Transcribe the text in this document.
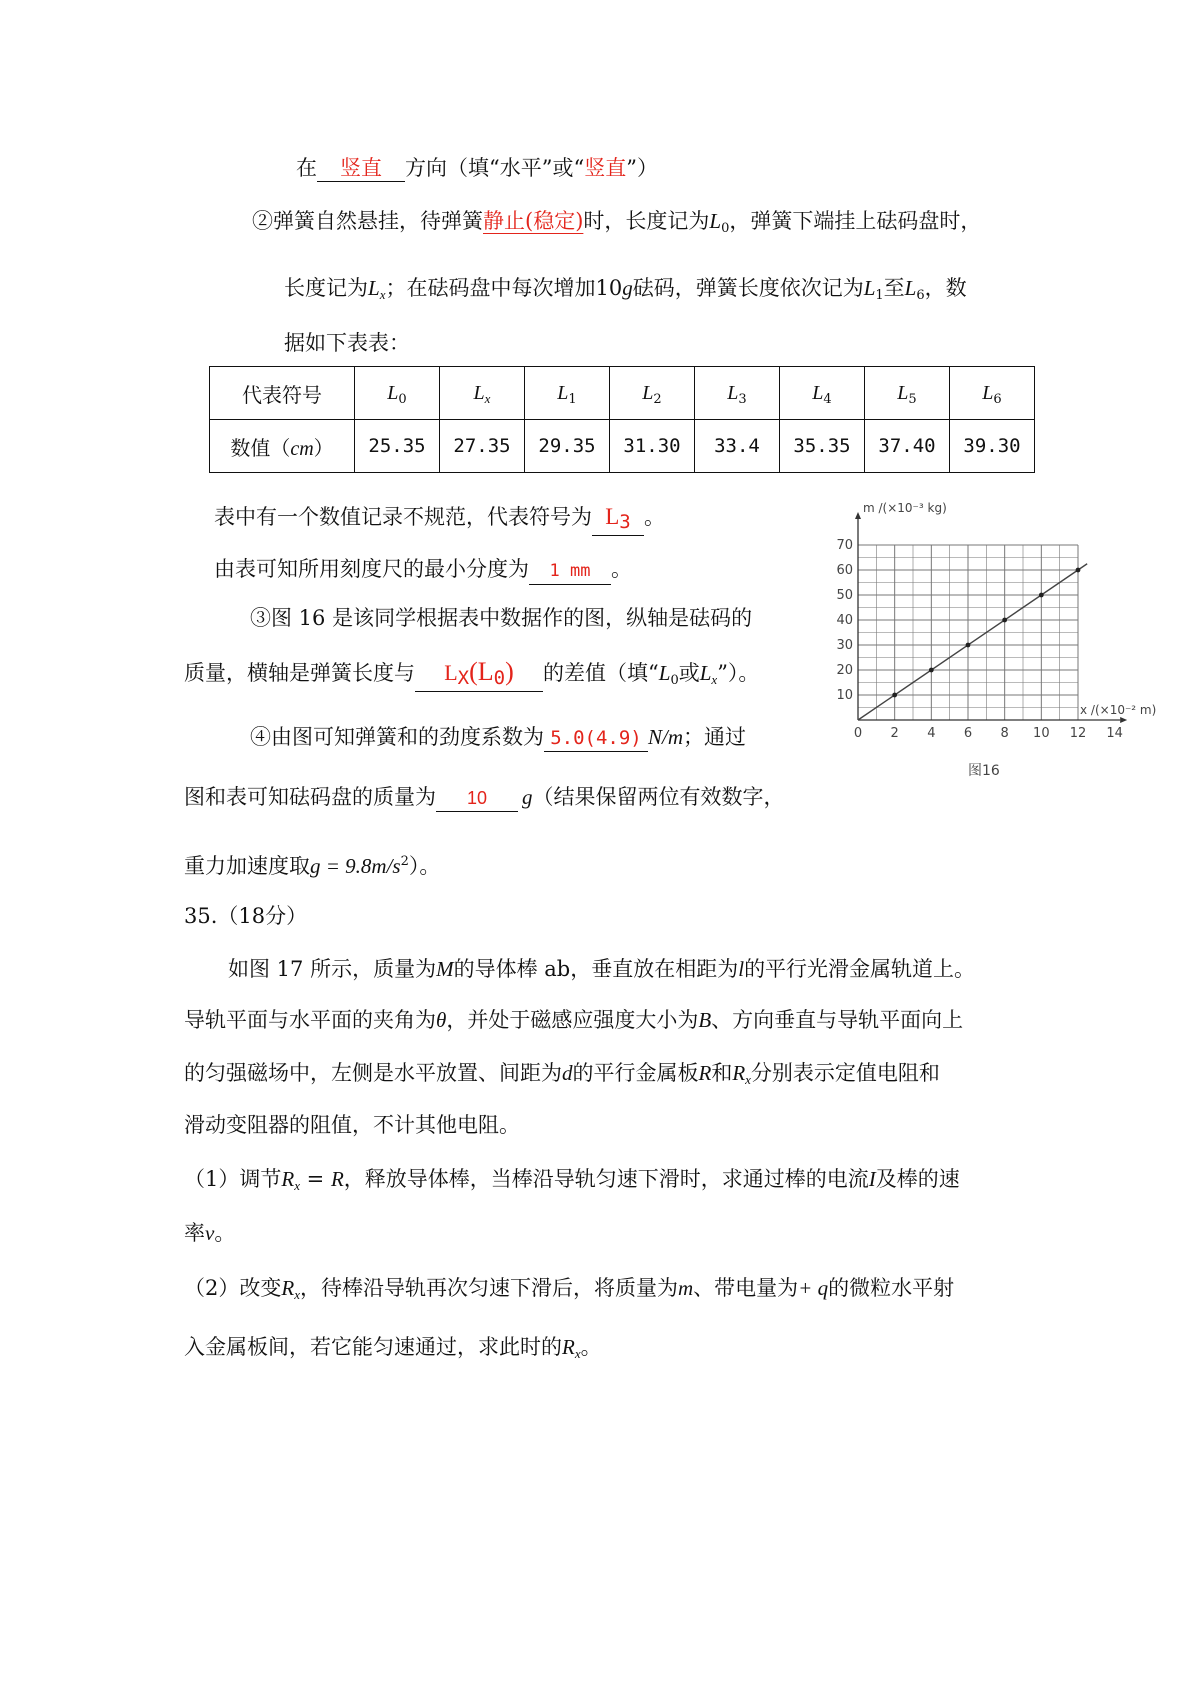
在 竖直 方向（填“水平”或“竖直”）
②弹簧自然悬挂，待弹簧静止(稳定)时，长度记为$L_0$，弹簧下端挂上砝码盘时，
长度记为$L_x$；在砝码盘中每次增加10g砝码，弹簧长度依次记为$L_1$至$L_6$，数
据如下表表：
代表符号	$L_0$	$L_x$	$L_1$	$L_2$	$L_3$	$L_4$	$L_5$	$L_6$
数值（cm）	25.35	27.35	29.35	31.30	33.4	35.35	37.40	39.30
表中有一个数值记录不规范，代表符号为 $L_3$ 。
由表可知所用刻度尺的最小分度为 1 mm 。
③图 16 是该同学根据表中数据作的图，纵轴是砝码的
质量，横轴是弹簧长度与 $L_X(L_0)$ 的差值（填“$L_0$或$L_x$”）。
④由图可知弹簧和的劲度系数为 5.0(4.9) N/m；通过
图和表可知砝码盘的质量为 10 g（结果保留两位有效数字，
重力加速度取$g = 9.8m/s^2$）。
0 2 4 6 8 10 12 14
10
20
30
40
50
60
70
m /(×10⁻³ kg)
x /(×10⁻² m)
图16
35.（18分）
如图 17 所示，质量为M的导体棒 ab，垂直放在相距为l的平行光滑金属轨道上。
导轨平面与水平面的夹角为θ，并处于磁感应强度大小为B、方向垂直与导轨平面向上
的匀强磁场中，左侧是水平放置、间距为d的平行金属板R和$R_x$分别表示定值电阻和
滑动变阻器的阻值，不计其他电阻。
（1）调节$R_x = R$，释放导体棒，当棒沿导轨匀速下滑时，求通过棒的电流I及棒的速
率v。
（2）改变$R_x$，待棒沿导轨再次匀速下滑后，将质量为m、带电量为+ q的微粒水平射
入金属板间，若它能匀速通过，求此时的$R_x$。
